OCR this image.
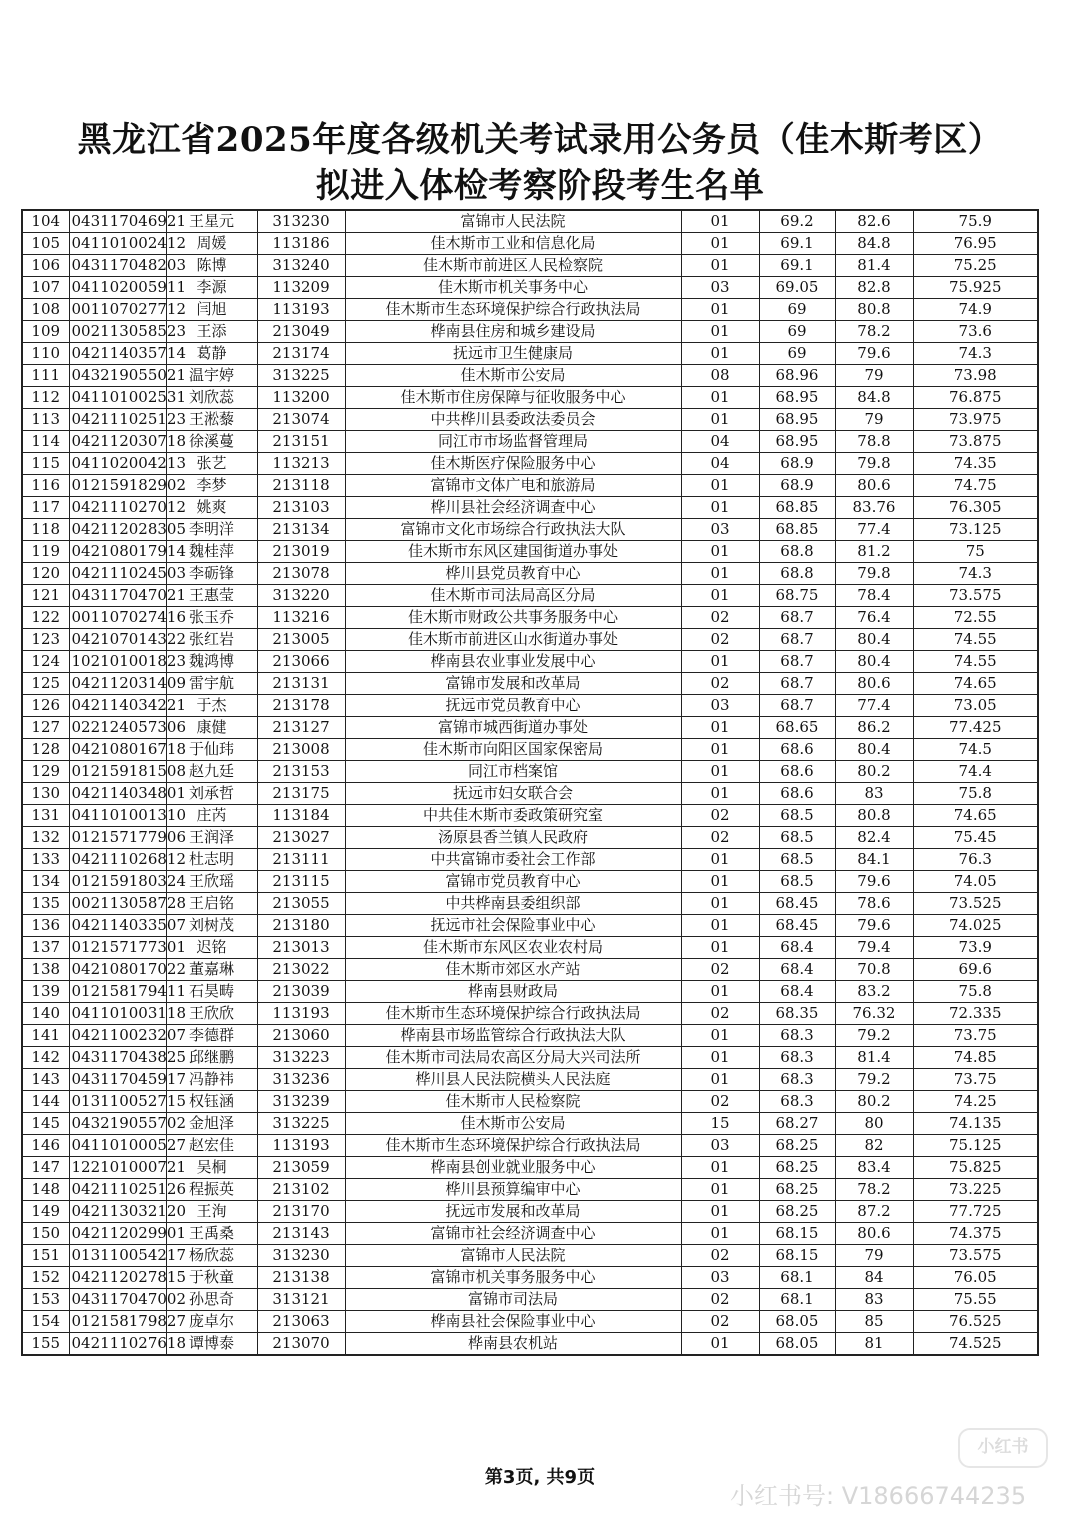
黑龙江省2025年度各级机关考试录用公务员（佳木斯考区）
拟进入体检考察阶段考生名单
104	043117046921	王星元	313230	富锦市人民法院	01	69.2	82.6	75.9
105	041101002412	周媛	113186	佳木斯市工业和信息化局	01	69.1	84.8	76.95
106	043117048203	陈博	313240	佳木斯市前进区人民检察院	01	69.1	81.4	75.25
107	041102005911	李源	113209	佳木斯市机关事务中心	03	69.05	82.8	75.925
108	001107027712	闫旭	113193	佳木斯市生态环境保护综合行政执法局	01	69	80.8	74.9
109	002113058523	王添	213049	桦南县住房和城乡建设局	01	69	78.2	73.6
110	042114035714	葛静	213174	抚远市卫生健康局	01	69	79.6	74.3
111	043219055021	温宇婷	313225	佳木斯市公安局	08	68.96	79	73.98
112	041101002531	刘欣蕊	113200	佳木斯市住房保障与征收服务中心	01	68.95	84.8	76.875
113	042111025123	王淞藜	213074	中共桦川县委政法委员会	01	68.95	79	73.975
114	042112030718	徐溪蔓	213151	同江市市场监督管理局	04	68.95	78.8	73.875
115	041102004213	张艺	113213	佳木斯医疗保险服务中心	04	68.9	79.8	74.35
116	012159182902	李梦	213118	富锦市文体广电和旅游局	01	68.9	80.6	74.75
117	042111027012	姚爽	213103	桦川县社会经济调查中心	01	68.85	83.76	76.305
118	042112028305	李明洋	213134	富锦市文化市场综合行政执法大队	03	68.85	77.4	73.125
119	042108017914	魏桂萍	213019	佳木斯市东风区建国街道办事处	01	68.8	81.2	75
120	042111024503	李砺锋	213078	桦川县党员教育中心	01	68.8	79.8	74.3
121	043117047021	王惠莹	313220	佳木斯市司法局高区分局	01	68.75	78.4	73.575
122	001107027416	张玉乔	113216	佳木斯市财政公共事务服务中心	02	68.7	76.4	72.55
123	042107014322	张红岩	213005	佳木斯市前进区山水街道办事处	02	68.7	80.4	74.55
124	102101001823	魏鸿博	213066	桦南县农业事业发展中心	01	68.7	80.4	74.55
125	042112031409	雷宇航	213131	富锦市发展和改革局	02	68.7	80.6	74.65
126	042114034221	于杰	213178	抚远市党员教育中心	03	68.7	77.4	73.05
127	022124057306	康健	213127	富锦市城西街道办事处	01	68.65	86.2	77.425
128	042108016718	于仙玮	213008	佳木斯市向阳区国家保密局	01	68.6	80.4	74.5
129	012159181508	赵九廷	213153	同江市档案馆	01	68.6	80.2	74.4
130	042114034801	刘承哲	213175	抚远市妇女联合会	01	68.6	83	75.8
131	041101001310	庄芮	113184	中共佳木斯市委政策研究室	02	68.5	80.8	74.65
132	012157177906	王润泽	213027	汤原县香兰镇人民政府	02	68.5	82.4	75.45
133	042111026812	杜志明	213111	中共富锦市委社会工作部	01	68.5	84.1	76.3
134	012159180324	王欣瑶	213115	富锦市党员教育中心	01	68.5	79.6	74.05
135	002113058728	王启铭	213055	中共桦南县委组织部	01	68.45	78.6	73.525
136	042114033507	刘树茂	213180	抚远市社会保险事业中心	01	68.45	79.6	74.025
137	012157177301	迟铭	213013	佳木斯市东风区农业农村局	01	68.4	79.4	73.9
138	042108017022	董嘉琳	213022	佳木斯市郊区水产站	02	68.4	70.8	69.6
139	012158179411	石昊畴	213039	桦南县财政局	01	68.4	83.2	75.8
140	041101003118	王欣欣	113193	佳木斯市生态环境保护综合行政执法局	02	68.35	76.32	72.335
141	042110023207	李德群	213060	桦南县市场监管综合行政执法大队	01	68.3	79.2	73.75
142	043117043825	邱继鹏	313223	佳木斯市司法局农高区分局大兴司法所	01	68.3	81.4	74.85
143	043117045917	冯静祎	313236	桦川县人民法院横头人民法庭	01	68.3	79.2	73.75
144	013110052715	权钰涵	313239	佳木斯市人民检察院	02	68.3	80.2	74.25
145	043219055702	金旭泽	313225	佳木斯市公安局	15	68.27	80	74.135
146	041101000527	赵宏佳	113193	佳木斯市生态环境保护综合行政执法局	03	68.25	82	75.125
147	122101000721	吴桐	213059	桦南县创业就业服务中心	01	68.25	83.4	75.825
148	042111025126	程振英	213102	桦川县预算编审中心	01	68.25	78.2	73.225
149	042113032120	王洵	213170	抚远市发展和改革局	01	68.25	87.2	77.725
150	042112029901	王禹桑	213143	富锦市社会经济调查中心	01	68.15	80.6	74.375
151	013110054217	杨欣蕊	313230	富锦市人民法院	02	68.15	79	73.575
152	042112027815	于秋童	213138	富锦市机关事务服务中心	03	68.1	84	76.05
153	043117047002	孙思奇	313121	富锦市司法局	02	68.1	83	75.55
154	012158179827	庞卓尔	213063	桦南县社会保险事业中心	02	68.05	85	76.525
155	042111027618	谭博泰	213070	桦南县农机站	01	68.05	81	74.525
第3页, 共9页
小红书
小红书号: V18666744235
